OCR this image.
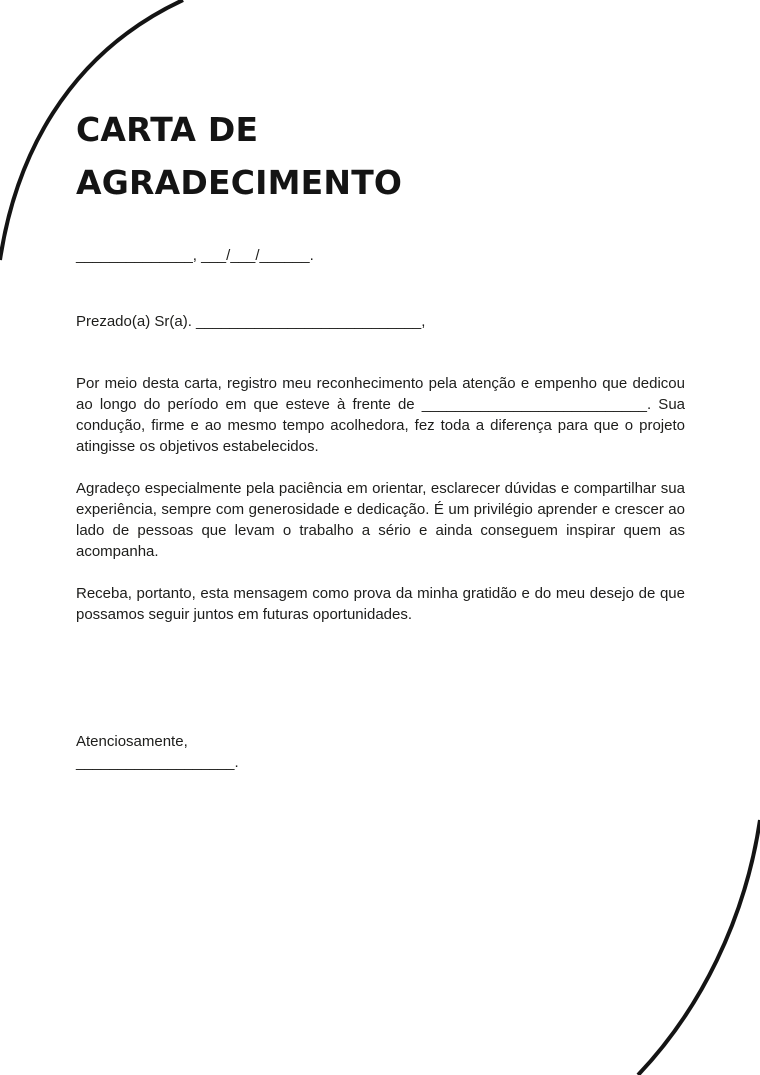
CARTA DE
AGRADECIMENTO
______________, ___/___/______.
Prezado(a) Sr(a). ___________________________,

Por meio desta carta, registro meu reconhecimento pela atenção e empenho que dedicou ao longo do período em que esteve à frente de ___________________________. Sua condução, firme e ao mesmo tempo acolhedora, fez toda a diferença para que o projeto atingisse os objetivos estabelecidos.

Agradeço especialmente pela paciência em orientar, esclarecer dúvidas e compartilhar sua experiência, sempre com generosidade e dedicação. É um privilégio aprender e crescer ao lado de pessoas que levam o trabalho a sério e ainda conseguem inspirar quem as acompanha.

Receba, portanto, esta mensagem como prova da minha gratidão e do meu desejo de que possamos seguir juntos em futuras oportunidades.

Atenciosamente,
___________________.
